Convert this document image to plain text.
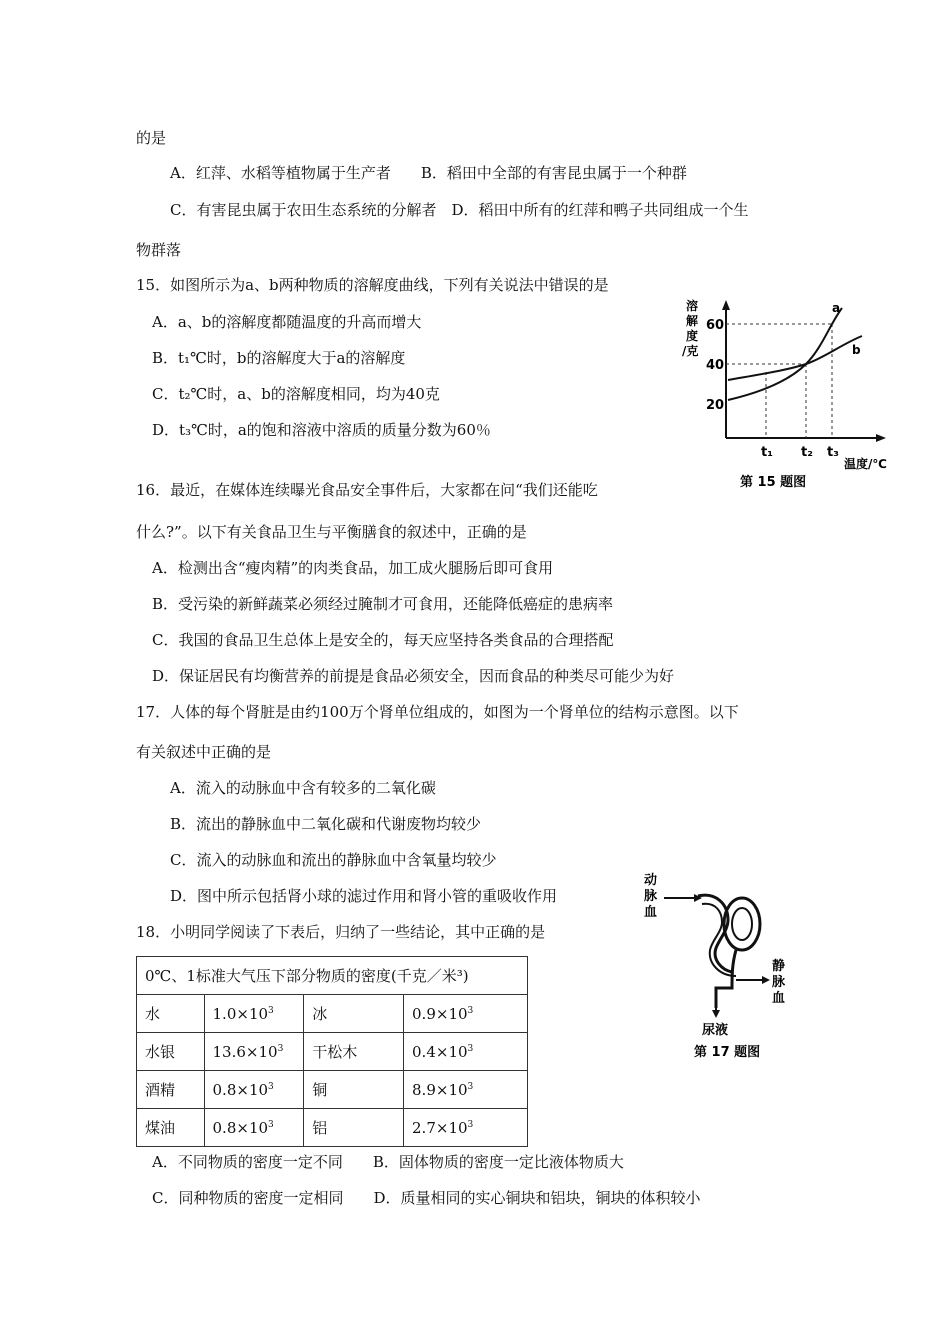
的是
A．红萍、水稻等植物属于生产者　　B．稻田中全部的有害昆虫属于一个种群
C．有害昆虫属于农田生态系统的分解者　D．稻田中所有的红萍和鸭子共同组成一个生
物群落
15．如图所示为a、b两种物质的溶解度曲线，下列有关说法中错误的是
A．a、b的溶解度都随温度的升高而增大
B．t₁℃时，b的溶解度大于a的溶解度
C．t₂℃时，a、b的溶解度相同，均为40克
D．t₃℃时，a的饱和溶液中溶质的质量分数为60％
16．最近，在媒体连续曝光食品安全事件后，大家都在问“我们还能吃
什么?”。以下有关食品卫生与平衡膳食的叙述中，正确的是
A．检测出含“瘦肉精”的肉类食品，加工成火腿肠后即可食用
B．受污染的新鲜蔬菜必须经过腌制才可食用，还能降低癌症的患病率
C．我国的食品卫生总体上是安全的，每天应坚持各类食品的合理搭配
D．保证居民有均衡营养的前提是食品必须安全，因而食品的种类尽可能少为好
17．人体的每个肾脏是由约100万个肾单位组成的，如图为一个肾单位的结构示意图。以下
有关叙述中正确的是
A．流入的动脉血中含有较多的二氧化碳
B．流出的静脉血中二氧化碳和代谢废物均较少
C．流入的动脉血和流出的静脉血中含氧量均较少
D．图中所示包括肾小球的滤过作用和肾小管的重吸收作用
18．小明同学阅读了下表后，归纳了一些结论，其中正确的是
0℃、1标准大气压下部分物质的密度(千克／米³)			
水	$1.0\times 10^3$	冰	$0.9\times 10^3$
水银	$13.6\times 10^3$	干松木	$0.4\times 10^3$
酒精	$0.8\times 10^3$	铜	$8.9\times 10^3$
煤油	$0.8\times 10^3$	铝	$2.7\times 10^3$
A．不同物质的密度一定不同　　B．固体物质的密度一定比液体物质大
C．同种物质的密度一定相同　　D．质量相同的实心铜块和铝块，铜块的体积较小
溶
解
度
/克
60
40
20
a
b
t₁ t₂ t₃
温度/℃
第 15 题图
动
脉
血
静
脉
血
尿液
第 17 题图
